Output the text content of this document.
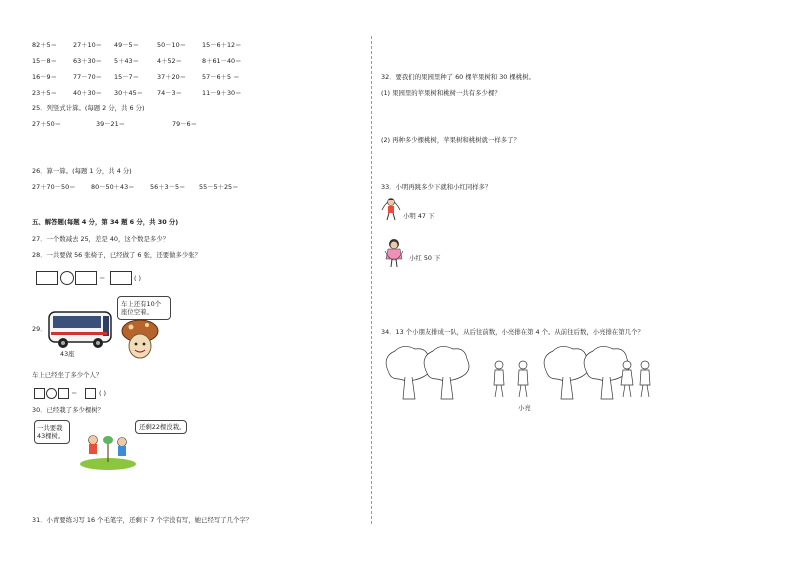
82＋5＝	27＋10＝ 49－5＝	50－10＝ 15－6＋12＝
15－8＝	63＋30＝ 5＋43＝	4＋52＝	8＋61－40＝
16－9＝	77－70＝ 15－7＝	37＋20＝ 57－6＋5 ＝
23＋5＝	40＋30＝ 30＋45＝ 74－3＝	11－9＋30＝
25．列竖式计算。(每题 2 分，共 6 分)
27＋50＝	39－21＝	79－6＝
26．算一算。(每题 1 分，共 4 分)
27＋70－50＝ 80－50＋43＝ 56＋3－5＝ 55－5＋25＝
五、解答题(每题 4 分，第 34 题 6 分，共 30 分)
27．一个数减去 25，差是 40，这个数是多少？
28．一共要做 56 张椅子，已经做了 6 张，还要做多少张？
＝	( )
29．
43座
车上还有10个座位空着。
车上已经坐了多少个人？
＝	( )
30．已经栽了多少棵树？
一共要栽43棵树。
还剩22棵没栽。
31．小青要练习写 16 个毛笔字，还剩下 7 个字没有写，她已经写了几个字？
32．要我们的果园里种了 60 棵苹果树和 30 棵桃树。
(1) 果园里的苹果树和桃树一共有多少棵？
(2) 再种多少棵桃树，苹果树和桃树就一样多了？
33．小明再跳多少下就和小红同样多？
小明 47 下
小红 50 下
34．13 个小朋友排成一队，从后往前数，小亮排在第 4 个。从前往后数，小亮排在第几个？
小亮
